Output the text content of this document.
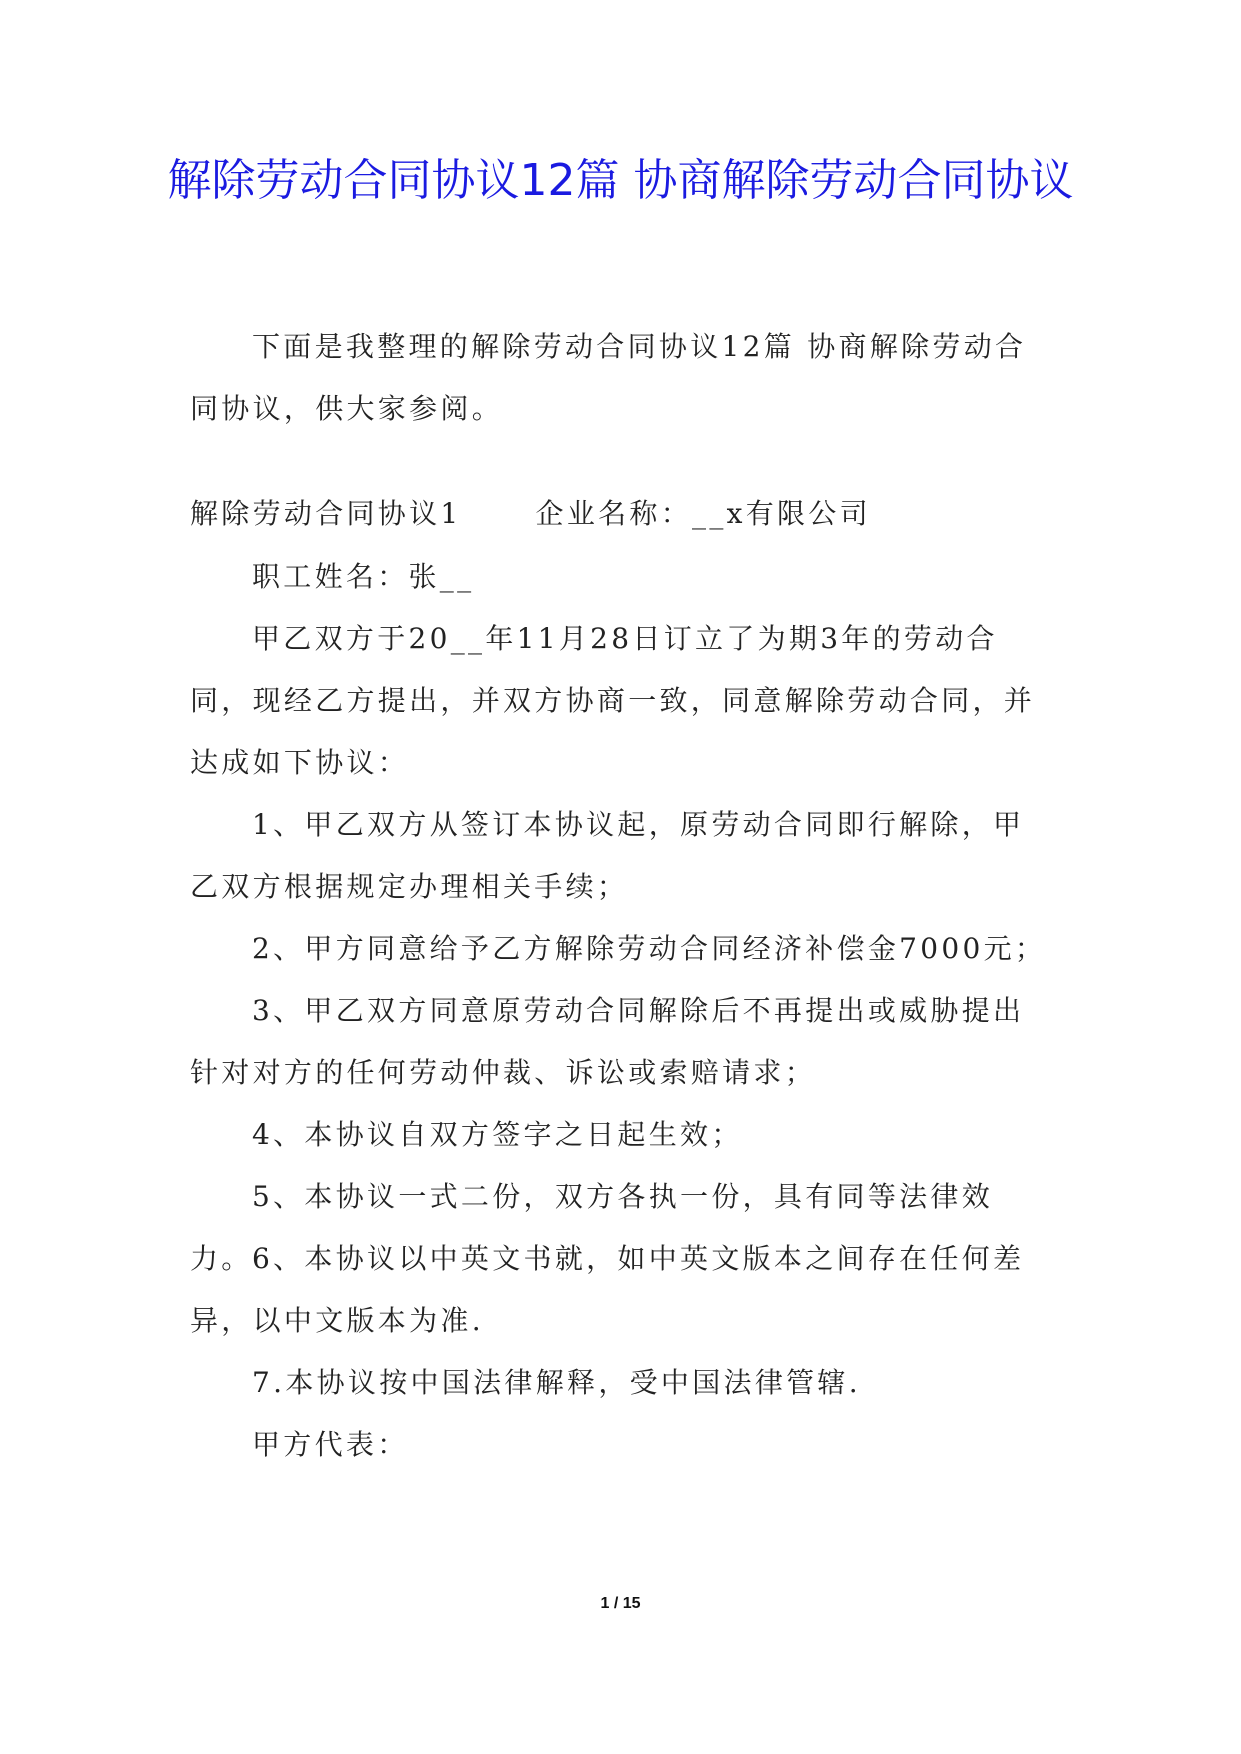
解除劳动合同协议12篇 协商解除劳动合同协议

下面是我整理的解除劳动合同协议12篇 协商解除劳动合同协议，供大家参阅。

解除劳动合同协议1	企业名称：__x有限公司

职工姓名：张__

甲乙双方于20__年11月28日订立了为期3年的劳动合同，现经乙方提出，并双方协商一致，同意解除劳动合同，并达成如下协议：

1、甲乙双方从签订本协议起，原劳动合同即行解除，甲乙双方根据规定办理相关手续；

2、甲方同意给予乙方解除劳动合同经济补偿金7000元；

3、甲乙双方同意原劳动合同解除后不再提出或威胁提出针对对方的任何劳动仲裁、诉讼或索赔请求；

4、本协议自双方签字之日起生效；

5、本协议一式二份，双方各执一份，具有同等法律效力。 6、本协议以中英文书就，如中英文版本之间存在任何差异，以中文版本为准.

7.本协议按中国法律解释，受中国法律管辖.

甲方代表：

1 / 15
